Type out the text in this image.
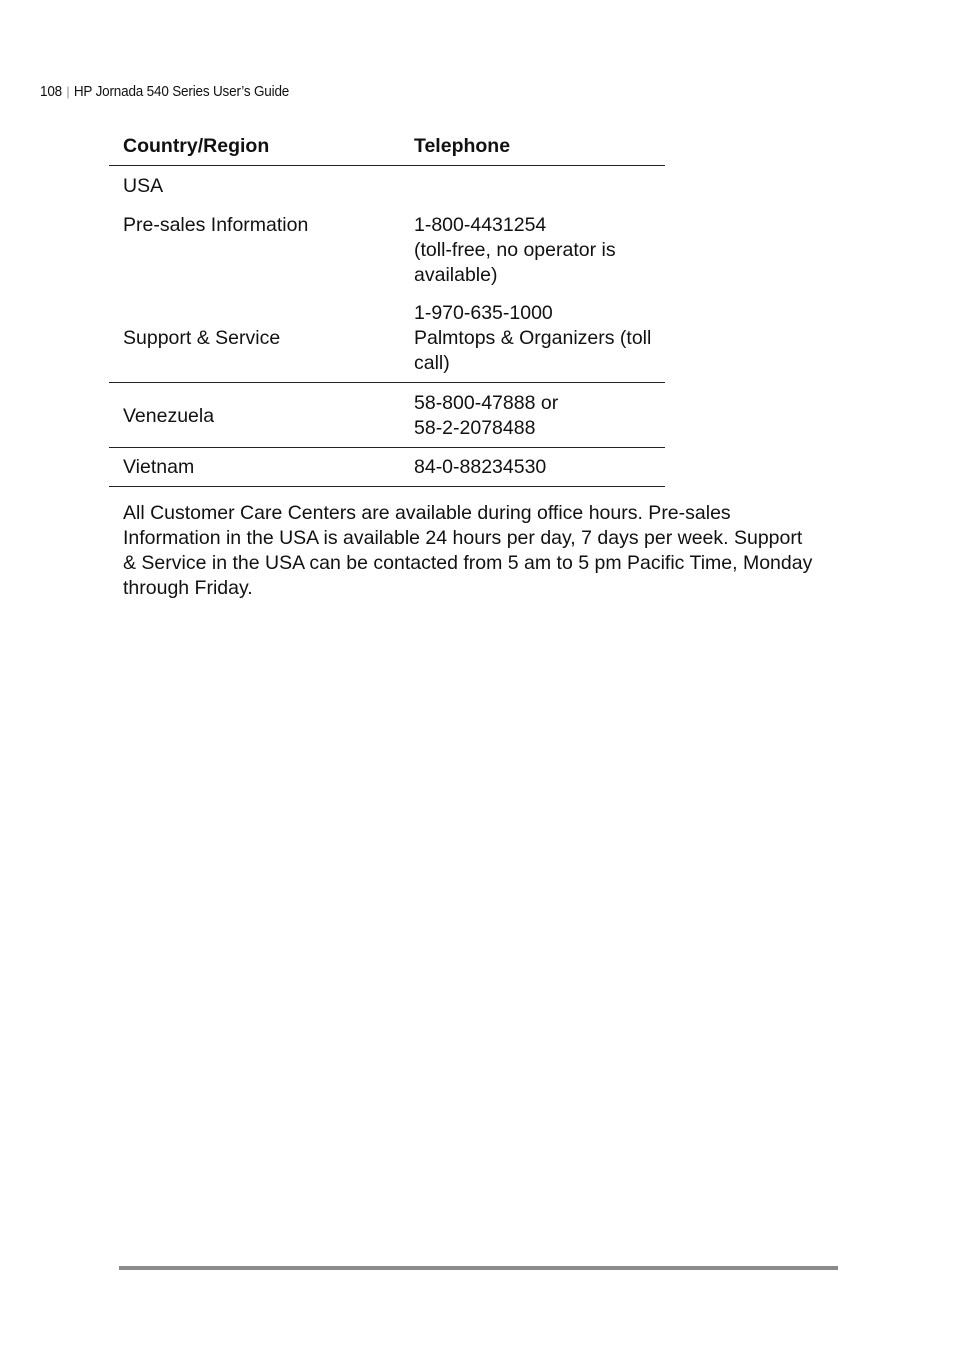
108 | HP Jornada 540 Series User’s Guide
Country/Region	Telephone
USA	
Pre-sales Information	1-800-4431254
(toll-free, no operator is available)

Support & Service	1-970-635-1000
Palmtops & Organizers (toll call)

Venezuela	58-800-47888 or
58-2-2078488

Vietnam	84-0-88234530

All Customer Care Centers are available during office hours. Pre-sales Information in the USA is available 24 hours per day, 7 days per week. Support & Service in the USA can be contacted from 5 am to 5 pm Pacific Time, Monday through Friday.
